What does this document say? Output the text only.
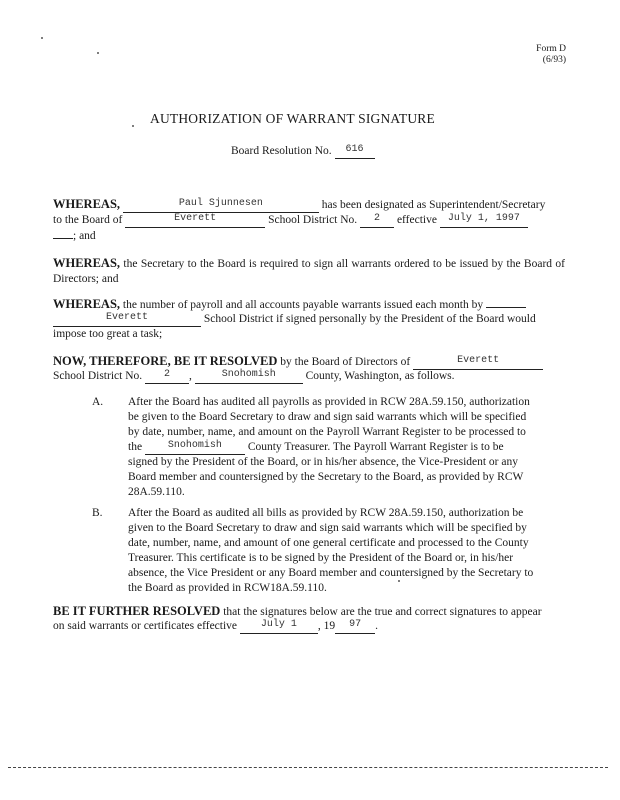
Form D
(6/93)
AUTHORIZATION OF WARRANT SIGNATURE
Board Resolution No. 616
WHEREAS,	Paul Sjunnesen	has been designated as Superintendent/Secretary
to the Board of	Everett	School District No. 2 effective July 1, 1997
; and
WHEREAS, the Secretary to the Board is required to sign all warrants ordered to be issued by the Board of Directors; and
WHEREAS, the number of payroll and all accounts payable warrants issued each month by
Everett	School District if signed personally by the President of the Board would
impose too great a task;
NOW, THEREFORE, BE IT RESOLVED by the Board of Directors of	Everett
School District No. 2 ,	Snohomish	County, Washington, as follows.
A. After the Board has audited all payrolls as provided in RCW 28A.59.150, authorization
be given to the Board Secretary to draw and sign said warrants which will be specified
by date, number, name, and amount on the Payroll Warrant Register to be processed to
the	Snohomish County Treasurer. The Payroll Warrant Register is to be
signed by the President of the Board, or in his/her absence, the Vice-President or any
Board member and countersigned by the Secretary to the Board, as provided by RCW
28A.59.110.
B. After the Board as audited all bills as provided by RCW 28A.59.150, authorization be
given to the Board Secretary to draw and sign said warrants which will be specified by
date, number, name, and amount of one general certificate and processed to the County
Treasurer. This certificate is to be signed by the President of the Board or, in his/her
absence, the Vice President or any Board member and countersigned by the Secretary to
the Board as provided in RCW18A.59.110.
BE IT FURTHER RESOLVED that the signatures below are the true and correct signatures to appear
on said warrants or certificates effective July 1 , 19 97 .
